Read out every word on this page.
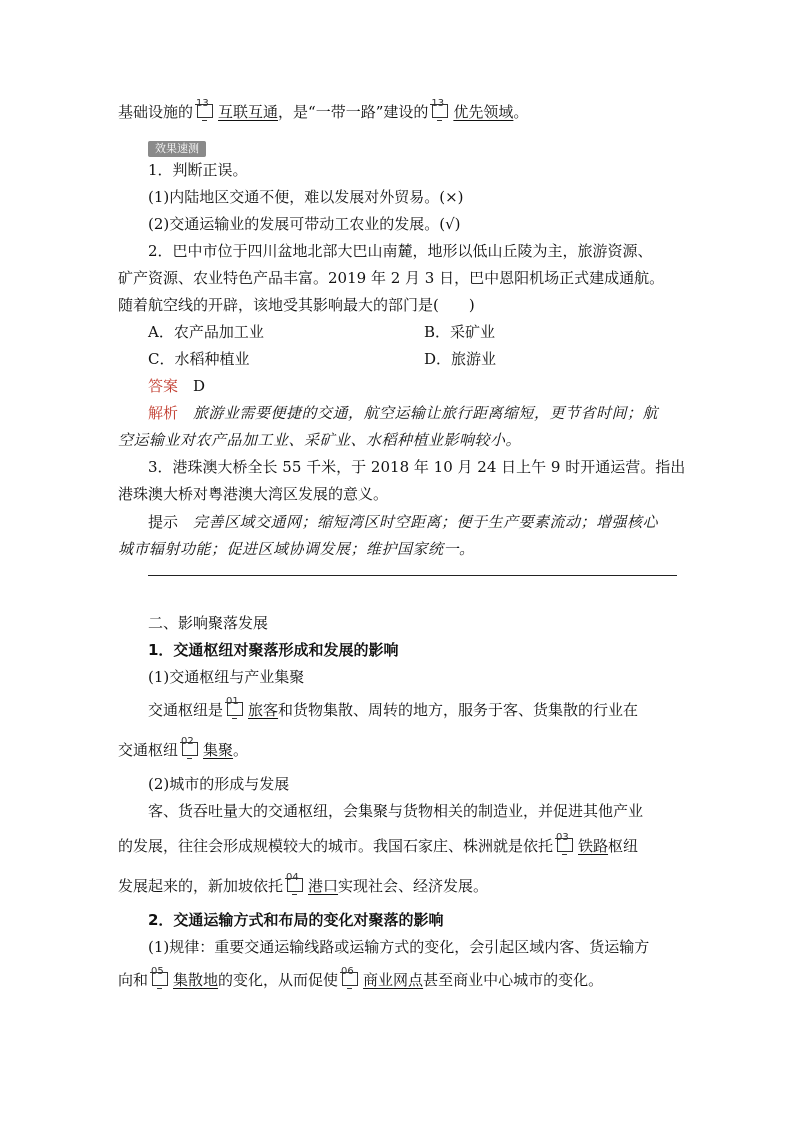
基础设施的 13 互联互通，是“一带一路”建设的 13 优先领域。
效果速测
1．判断正误。
(1)内陆地区交通不便，难以发展对外贸易。(×)
(2)交通运输业的发展可带动工农业的发展。(√)
2．巴中市位于四川盆地北部大巴山南麓，地形以低山丘陵为主，旅游资源、
矿产资源、农业特色产品丰富。2019 年 2 月 3 日，巴中恩阳机场正式建成通航。
随着航空线的开辟，该地受其影响最大的部门是(　　)
A．农产品加工业	B．采矿业
C．水稻种植业	D．旅游业
答案　 D
解析　 旅游业需要便捷的交通，航空运输让旅行距离缩短，更节省时间；航
空运输业对农产品加工业、采矿业、水稻种植业影响较小。
3．港珠澳大桥全长 55 千米，于 2018 年 10 月 24 日上午 9 时开通运营。指出
港珠澳大桥对粤港澳大湾区发展的意义。
提示　 完善区域交通网；缩短湾区时空距离；便于生产要素流动；增强核心
城市辐射功能；促进区域协调发展；维护国家统一。
二、影响聚落发展
1．交通枢纽对聚落形成和发展的影响
(1)交通枢纽与产业集聚
交通枢纽是 01 旅客和货物集散、周转的地方，服务于客、货集散的行业在
交通枢纽 02 集聚。
(2)城市的形成与发展
客、货吞吐量大的交通枢纽，会集聚与货物相关的制造业，并促进其他产业
的发展，往往会形成规模较大的城市。我国石家庄、株洲就是依托 03 铁路枢纽
发展起来的，新加坡依托 04 港口实现社会、经济发展。
2．交通运输方式和布局的变化对聚落的影响
(1)规律：重要交通运输线路或运输方式的变化，会引起区域内客、货运输方
向和 05 集散地的变化，从而促使 06 商业网点甚至商业中心城市的变化。
